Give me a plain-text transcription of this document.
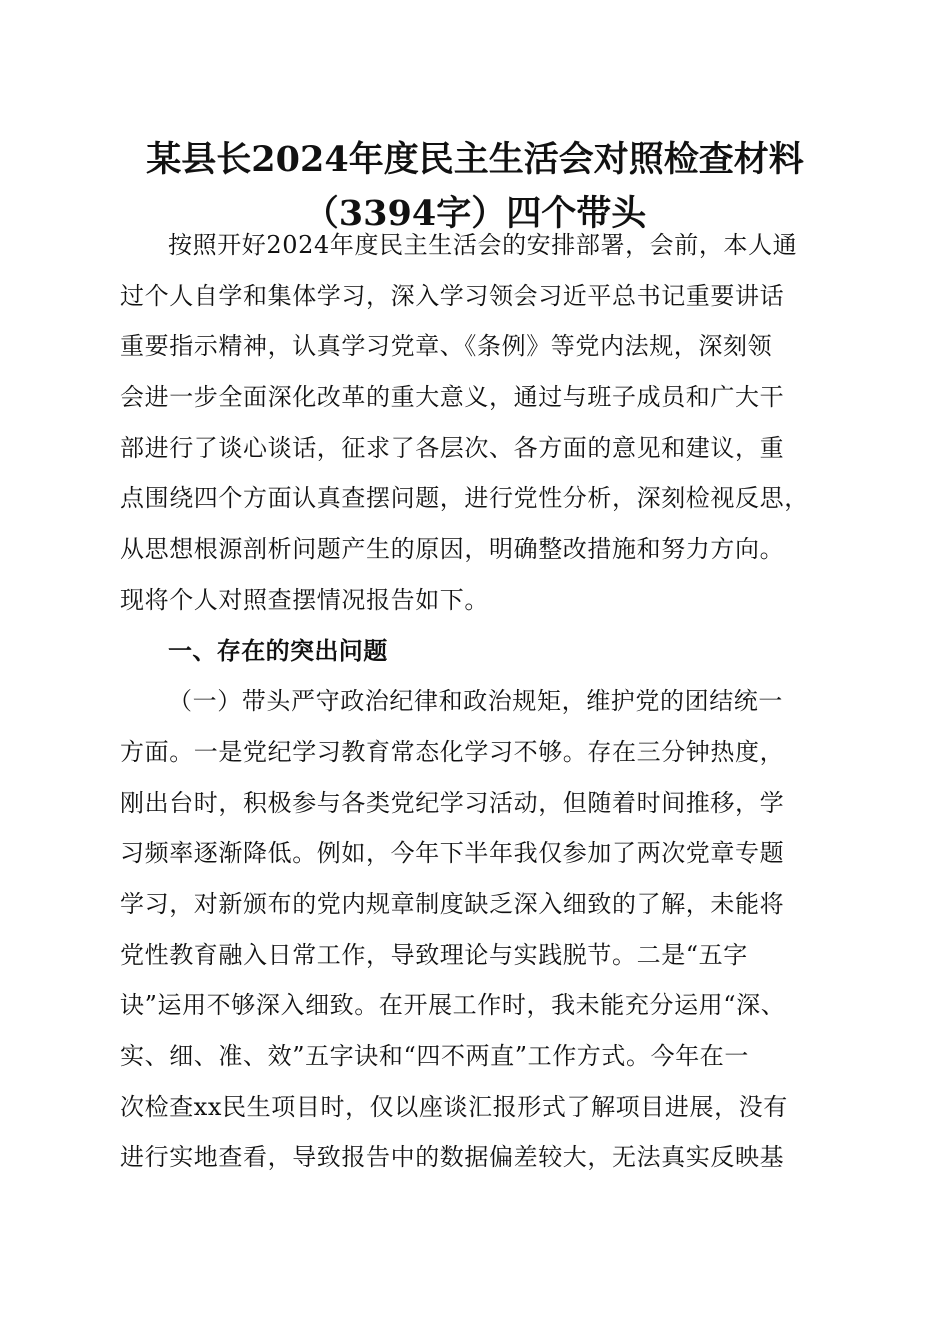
某县长2024年度民主生活会对照检查材料
（3394字）四个带头
按照开好2024年度民主生活会的安排部署，会前，本人通
过个人自学和集体学习，深入学习领会习近平总书记重要讲话
重要指示精神，认真学习党章、《条例》等党内法规，深刻领
会进一步全面深化改革的重大意义，通过与班子成员和广大干
部进行了谈心谈话，征求了各层次、各方面的意见和建议，重
点围绕四个方面认真查摆问题，进行党性分析，深刻检视反思，
从思想根源剖析问题产生的原因，明确整改措施和努力方向。
现将个人对照查摆情况报告如下。
一、存在的突出问题
（一）带头严守政治纪律和政治规矩，维护党的团结统一
方面。一是党纪学习教育常态化学习不够。存在三分钟热度，
刚出台时，积极参与各类党纪学习活动，但随着时间推移，学
习频率逐渐降低。例如，今年下半年我仅参加了两次党章专题
学习，对新颁布的党内规章制度缺乏深入细致的了解，未能将
党性教育融入日常工作，导致理论与实践脱节。二是“五字
诀”运用不够深入细致。在开展工作时，我未能充分运用“深、
实、细、准、效”五字诀和“四不两直”工作方式。今年在一
次检查xx民生项目时，仅以座谈汇报形式了解项目进展，没有
进行实地查看，导致报告中的数据偏差较大，无法真实反映基
